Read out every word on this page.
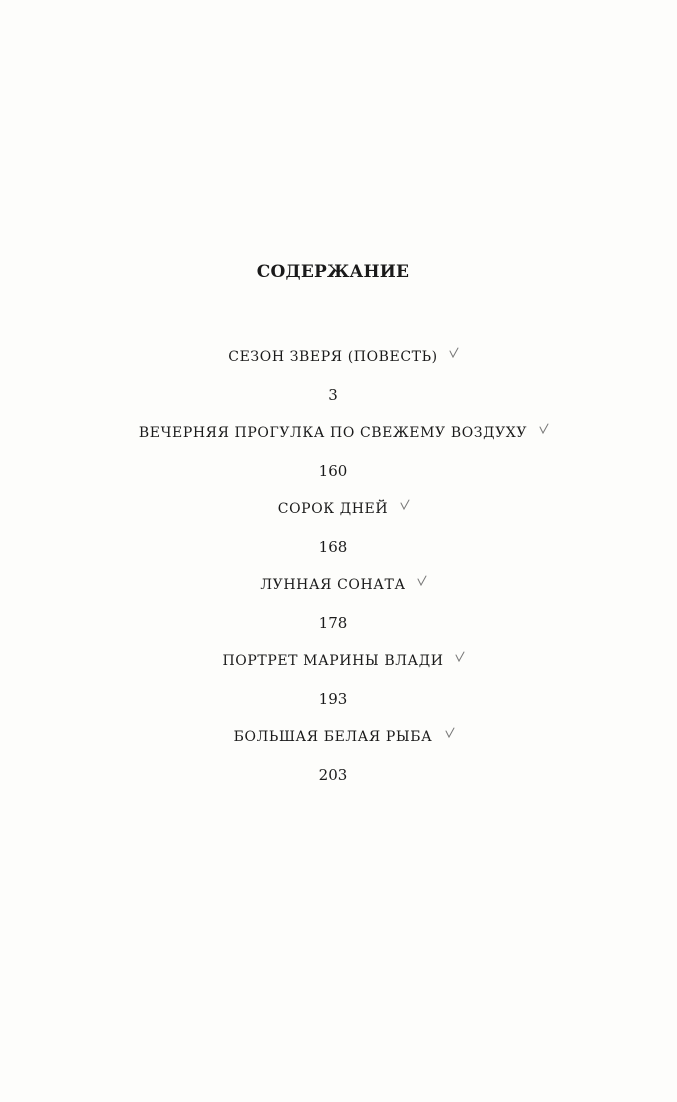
СОДЕРЖАНИЕ
СЕЗОН ЗВЕРЯ (ПОВЕСТЬ)
3
ВЕЧЕРНЯЯ ПРОГУЛКА ПО СВЕЖЕМУ ВОЗДУХУ
160
СОРОК ДНЕЙ
168
ЛУННАЯ СОНАТА
178
ПОРТРЕТ МАРИНЫ ВЛАДИ
193
БОЛЬШАЯ БЕЛАЯ РЫБА
203
